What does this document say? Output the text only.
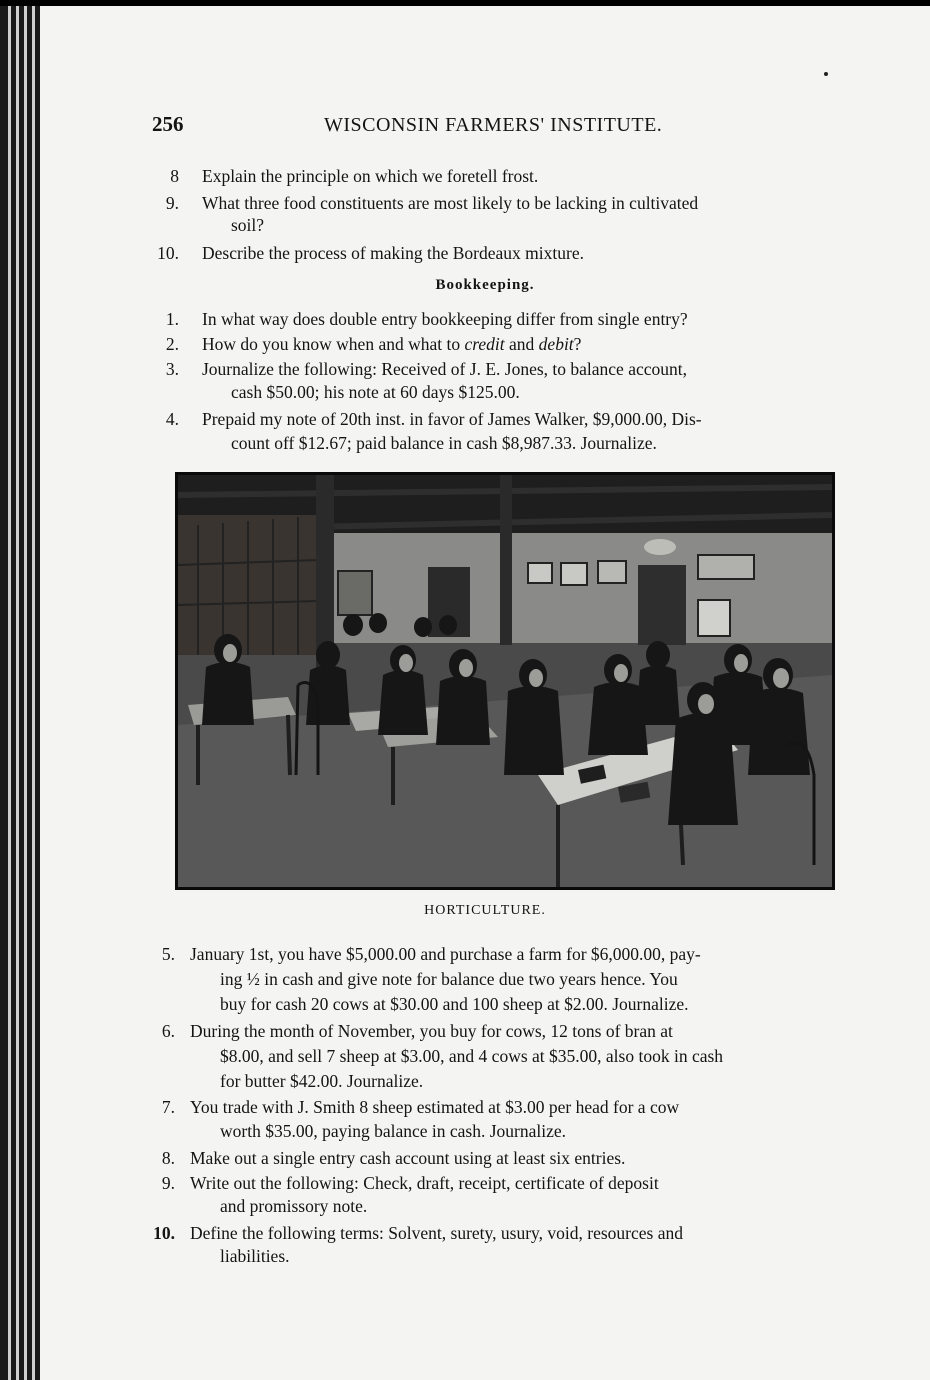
256	WISCONSIN FARMERS' INSTITUTE.
8 Explain the principle on which we foretell frost.
9. What three food constituents are most likely to be lacking in cultivated
soil?
10. Describe the process of making the Bordeaux mixture.
Bookkeeping.
1. In what way does double entry bookkeeping differ from single entry?
2. How do you know when and what to credit and debit?
3. Journalize the following: Received of J. E. Jones, to balance account,
cash $50.00; his note at 60 days $125.00.
4. Prepaid my note of 20th inst. in favor of James Walker, $9,000.00, Dis-
count off $12.67; paid balance in cash $8,987.33. Journalize.
HORTICULTURE.
5. January 1st, you have $5,000.00 and purchase a farm for $6,000.00, pay-
ing ½ in cash and give note for balance due two years hence. You
buy for cash 20 cows at $30.00 and 100 sheep at $2.00. Journalize.
6. During the month of November, you buy for cows, 12 tons of bran at
$8.00, and sell 7 sheep at $3.00, and 4 cows at $35.00, also took in cash
for butter $42.00. Journalize.
7. You trade with J. Smith 8 sheep estimated at $3.00 per head for a cow
worth $35.00, paying balance in cash. Journalize.
8. Make out a single entry cash account using at least six entries.
9. Write out the following: Check, draft, receipt, certificate of deposit
and promissory note.
10. Define the following terms: Solvent, surety, usury, void, resources and
liabilities.
